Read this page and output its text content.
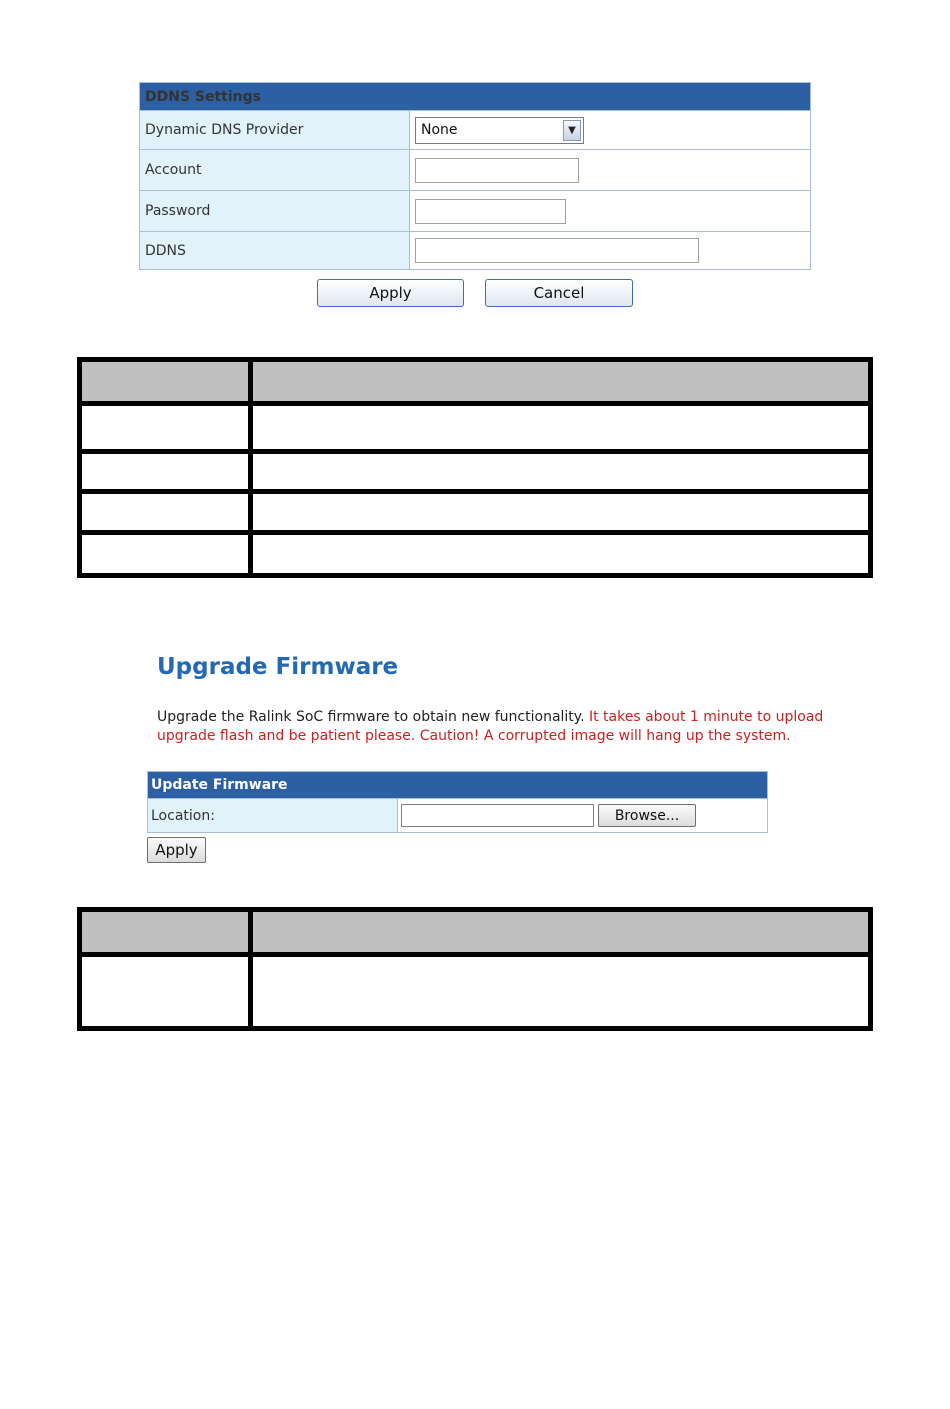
DDNS Settings	
Dynamic DNS Provider	None ▼

Account	

Password	

DDNS	
Apply	Cancel

Upgrade Firmware
Upgrade the Ralink SoC firmware to obtain new functionality. It takes about 1 minute to upload upgrade flash and be patient please. Caution! A corrupted image will hang up the system.
Update Firmware
Location:	Browse...
Apply
